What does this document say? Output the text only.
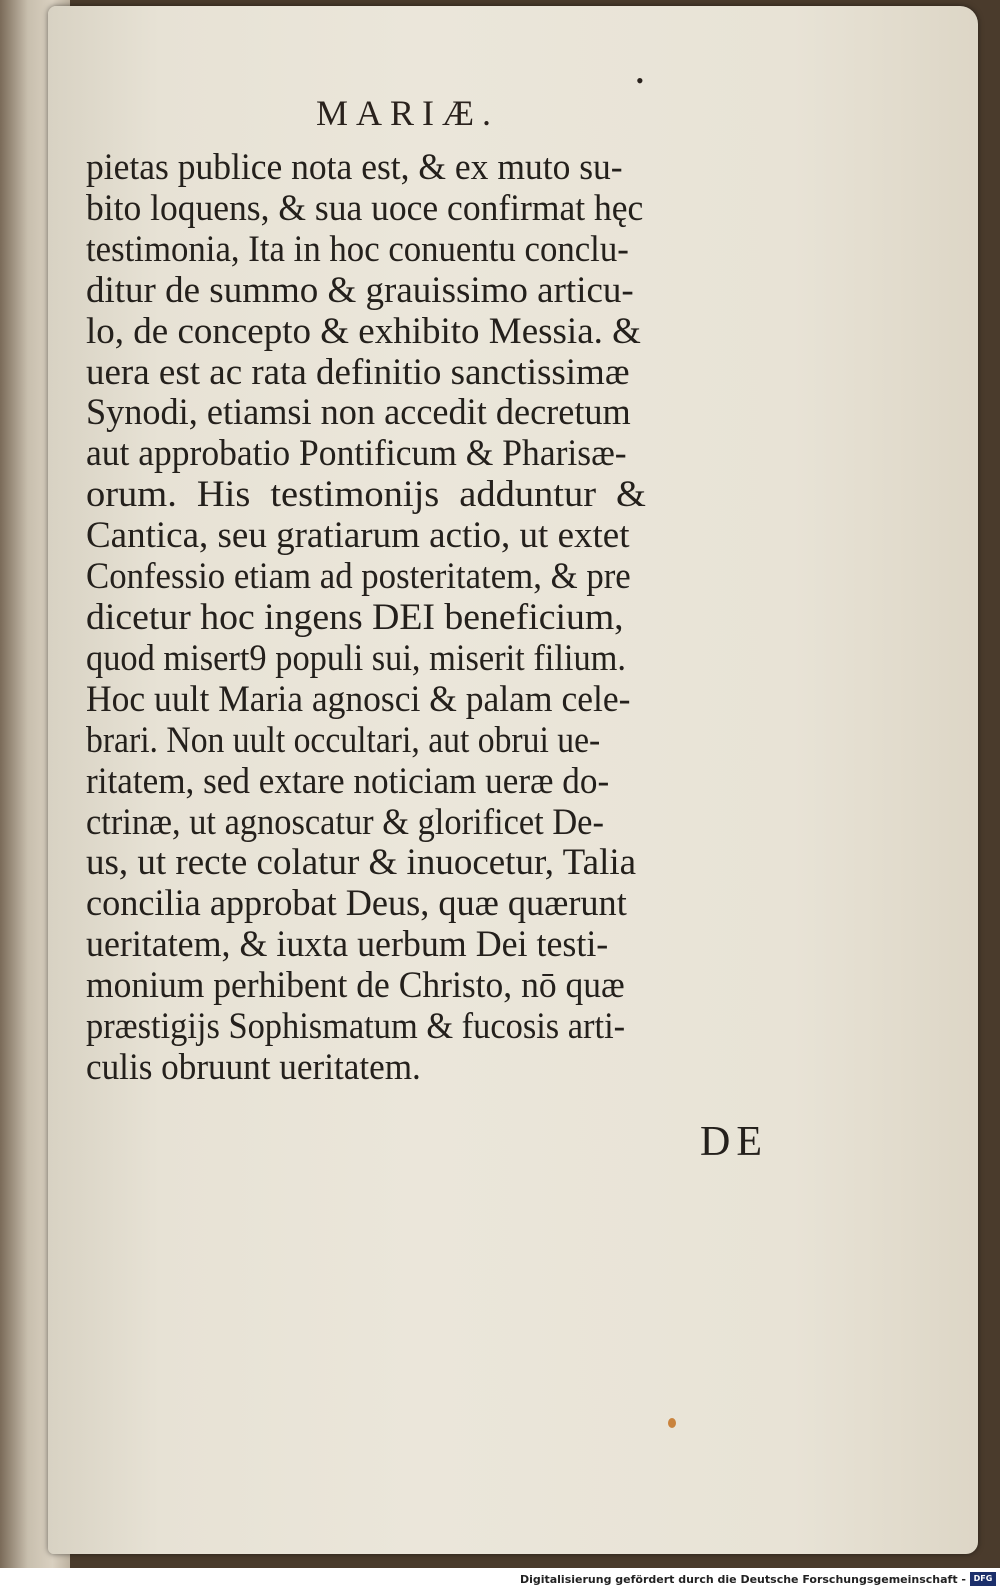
•
MARIÆ.
pietas publice nota est, & ex muto su-
bito loquens, & sua uoce confirmat hęc
testimonia, Ita in hoc conuentu conclu-
ditur de summo & grauissimo articu-
lo, de concepto & exhibito Messia. &
uera est ac rata definitio sanctissimæ
Synodi, etiamsi non accedit decretum
aut approbatio Pontificum & Pharisæ-
orum. His testimonijs adduntur &
Cantica, seu gratiarum actio, ut extet
Confessio etiam ad posteritatem, & pre
dicetur hoc ingens DEI beneficium,
quod misert9 populi sui, miserit filium.
Hoc uult Maria agnosci & palam cele-
brari. Non uult occultari, aut obrui ue-
ritatem, sed extare noticiam ueræ do-
ctrinæ, ut agnoscatur & glorificet De-
us, ut recte colatur & inuocetur, Talia
concilia approbat Deus, quæ quærunt
ueritatem, & iuxta uerbum Dei testi-
monium perhibent de Christo, nō quæ
præstigijs Sophismatum & fucosis arti-
culis obruunt ueritatem.
DE
Digitalisierung gefördert durch die Deutsche Forschungsgemeinschaft - DFG
